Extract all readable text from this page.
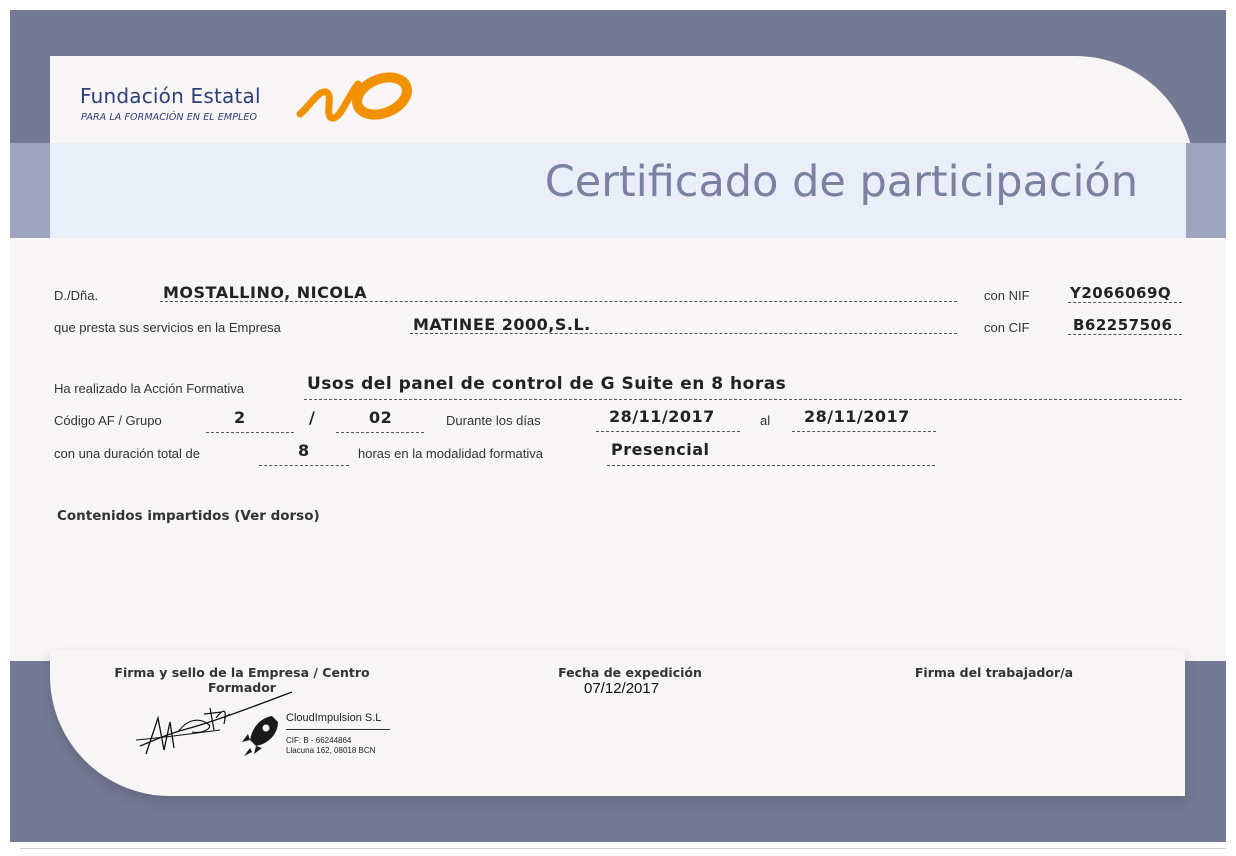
Fundación Estatal
PARA LA FORMACIÓN EN EL EMPLEO
Certificado de participación
D./Dña.	MOSTALLINO, NICOLA	con NIF	Y2066069Q
que presta sus servicios en la Empresa	MATINEE 2000,S.L.	con CIF	B62257506
Ha realizado la Acción Formativa	Usos del panel de control de G Suite en 8 horas
Código AF / Grupo	2	/	02	Durante los días	28/11/2017	al 28/11/2017
con una duración total de	8	horas en la modalidad formativa	Presencial
Contenidos impartidos (Ver dorso)
Firma y sello de la Empresa / Centro Formador
Fecha de expedición
07/12/2017
Firma del trabajador/a
CloudImpulsion S.L
CIF: B - 66244864
Llacuna 162, 08018 BCN
